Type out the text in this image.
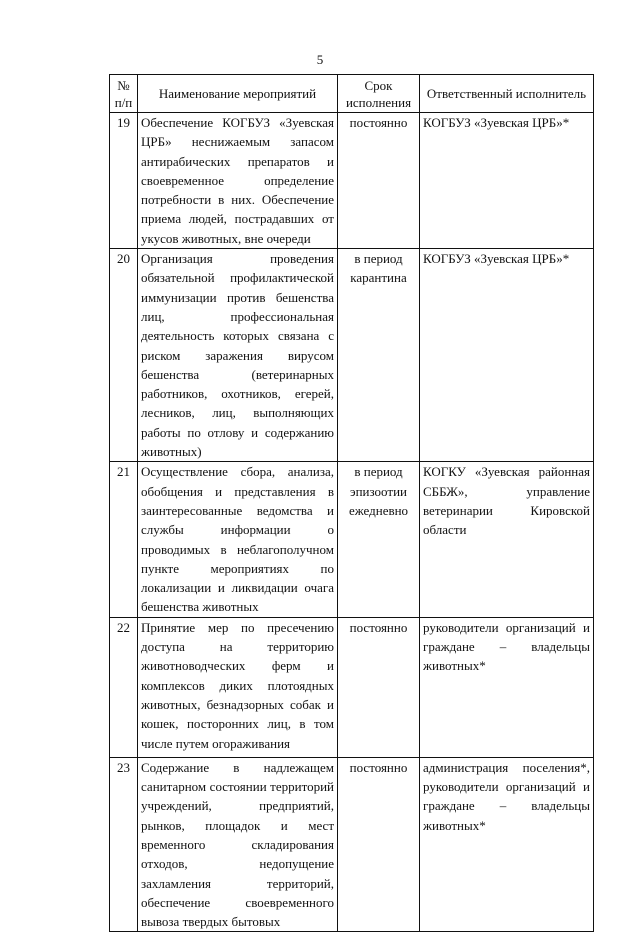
5
№ п/п	Наименование мероприятий	Срок исполнения	Ответственный исполнитель
19	Обеспечение КОГБУЗ «Зуевская ЦРБ» неснижаемым запасом антирабических препаратов и своевременное определение потребности в них. Обеспечение приема людей, пострадавших от укусов животных, вне очереди	постоянно	КОГБУЗ «Зуевская ЦРБ»*
20	Организация проведения обязательной профилактической иммунизации против бешенства лиц, профессиональная деятельность которых связана с риском заражения вирусом бешенства (ветеринарных работников, охотников, егерей, лесников, лиц, выполняющих работы по отлову и содержанию животных)	в период карантина	КОГБУЗ «Зуевская ЦРБ»*
21	Осуществление сбора, анализа, обобщения и представления в заинтересованные ведомства и службы информации о проводимых в неблагополучном пункте мероприятиях по локализации и ликвидации очага бешенства животных	в период эпизоотии ежедневно	КОГКУ «Зуевская районная СББЖ», управление ветеринарии Кировской области
22	Принятие мер по пресечению доступа на территорию животноводческих ферм и комплексов диких плотоядных животных, безнадзорных собак и кошек, посторонних лиц, в том числе путем огораживания	постоянно	руководители организаций и граждане – владельцы животных*
23	Содержание в надлежащем санитарном состоянии территорий учреждений, предприятий, рынков, площадок и мест временного складирования отходов, недопущение захламления территорий, обеспечение своевременного вывоза твердых бытовых	постоянно	администрация поселения*, руководители организаций и граждане – владельцы животных*
